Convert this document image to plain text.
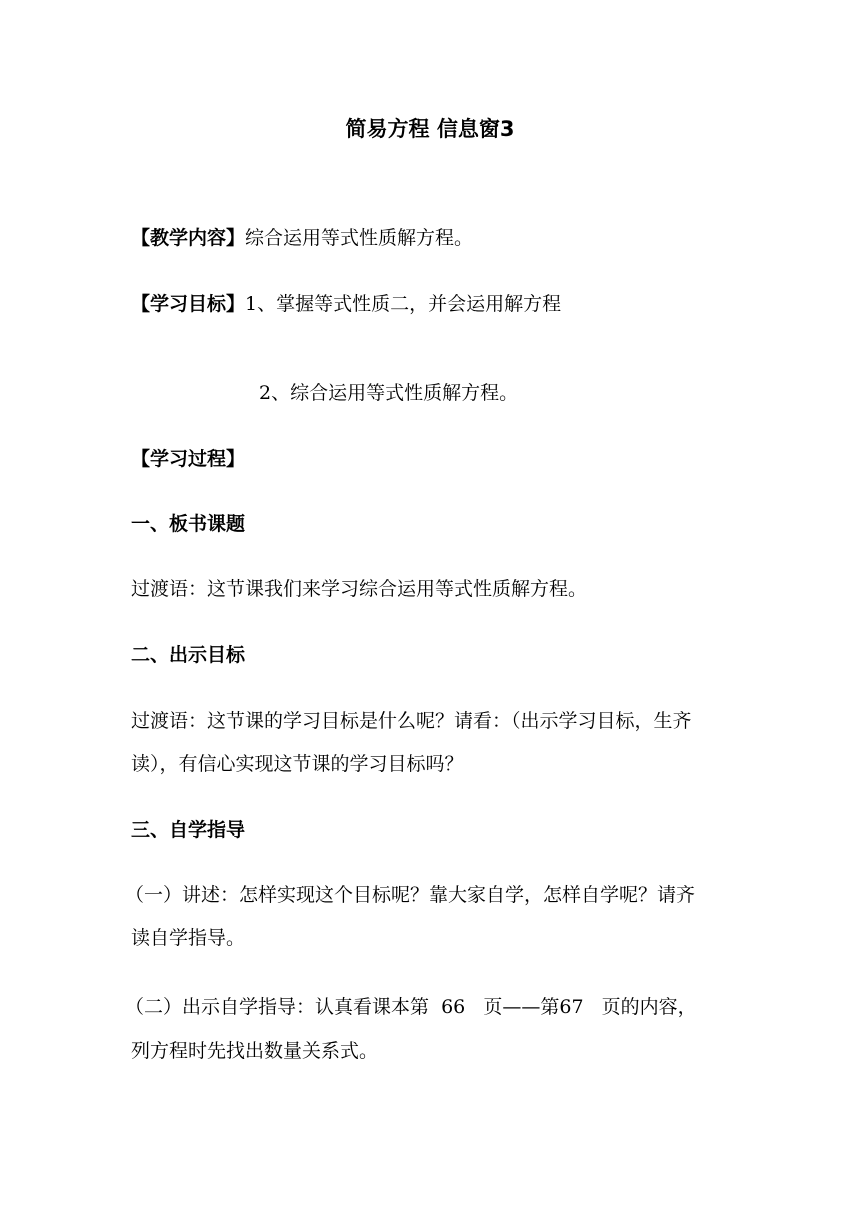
简易方程 信息窗3
【教学内容】综合运用等式性质解方程。
【学习目标】1、掌握等式性质二，并会运用解方程
2、综合运用等式性质解方程。
【学习过程】
一、板书课题
过渡语：这节课我们来学习综合运用等式性质解方程。
二、出示目标
过渡语：这节课的学习目标是什么呢？请看：（出示学习目标，生齐
读），有信心实现这节课的学习目标吗？
三、自学指导
（一）讲述：怎样实现这个目标呢？靠大家自学，怎样自学呢？请齐
读自学指导。
（二）出示自学指导：认真看课本第  66   页——第67   页的内容，
列方程时先找出数量关系式。
